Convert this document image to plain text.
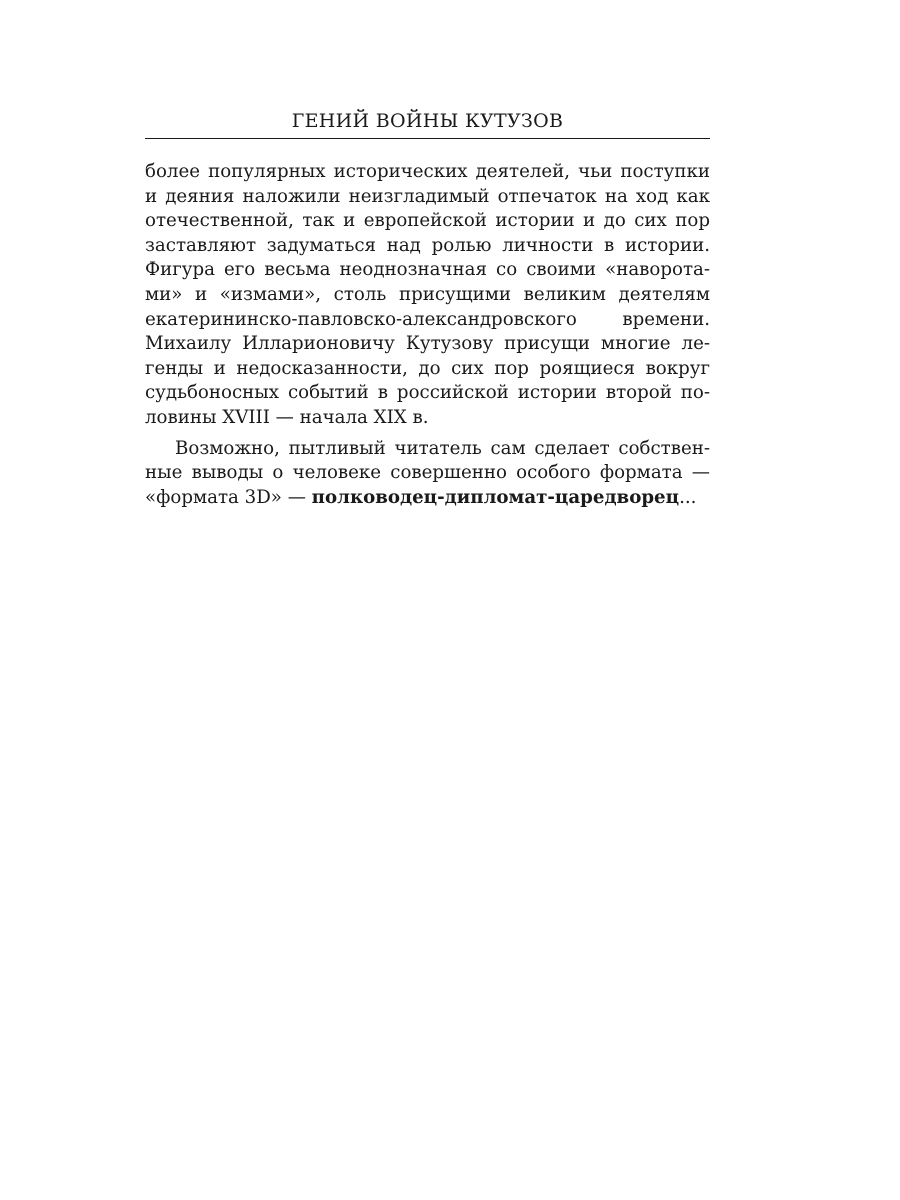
ГЕНИЙ ВОЙНЫ КУТУЗОВ
более популярных исторических деятелей, чьи поступки
и деяния наложили неизгладимый отпечаток на ход как
отечественной, так и европейской истории и до сих пор
заставляют задуматься над ролью личности в истории.
Фигура его весьма неоднозначная со своими «наворота-
ми» и «измами», столь присущими великим деятелям
екатерининско-павловско-александровского времени.
Михаилу Илларионовичу Кутузову присущи многие ле-
генды и недосказанности, до сих пор роящиеся вокруг
судьбоносных событий в российской истории второй по-
ловины XVIII — начала XIX в.
Возможно, пытливый читатель сам сделает собствен-
ные выводы о человеке совершенно особого формата —
«формата 3D» — полководец-дипломат-царедворец...
